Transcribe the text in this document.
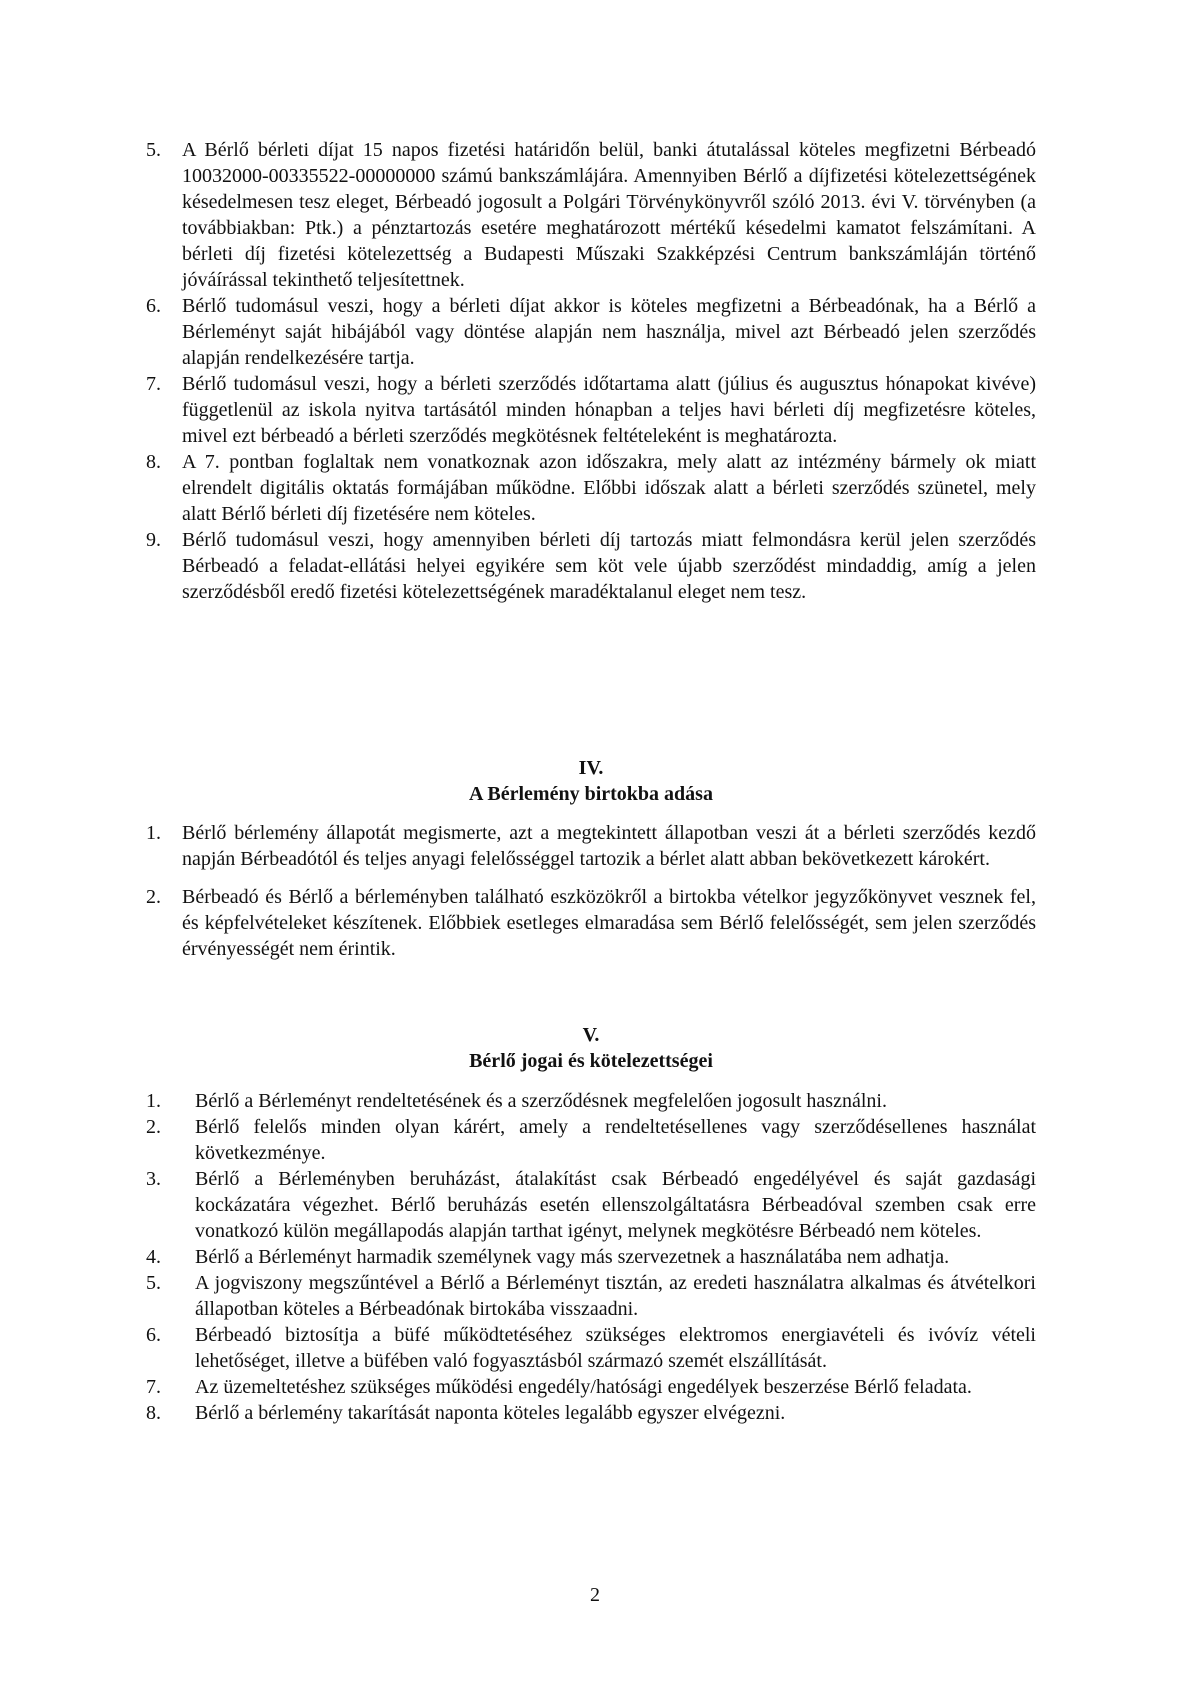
5. A Bérlő bérleti díjat 15 napos fizetési határidőn belül, banki átutalással köteles megfizetni Bérbeadó 10032000-00335522-00000000 számú bankszámlájára. Amennyiben Bérlő a díjfizetési kötelezettségének késedelmesen tesz eleget, Bérbeadó jogosult a Polgári Törvénykönyvről szóló 2013. évi V. törvényben (a továbbiakban: Ptk.) a pénztartozás esetére meghatározott mértékű késedelmi kamatot felszámítani. A bérleti díj fizetési kötelezettség a Budapesti Műszaki Szakképzési Centrum bankszámláján történő jóváírással tekinthető teljesítettnek.
6. Bérlő tudomásul veszi, hogy a bérleti díjat akkor is köteles megfizetni a Bérbeadónak, ha a Bérlő a Bérleményt saját hibájából vagy döntése alapján nem használja, mivel azt Bérbeadó jelen szerződés alapján rendelkezésére tartja.
7. Bérlő tudomásul veszi, hogy a bérleti szerződés időtartama alatt (július és augusztus hónapokat kivéve) függetlenül az iskola nyitva tartásától minden hónapban a teljes havi bérleti díj megfizetésre köteles, mivel ezt bérbeadó a bérleti szerződés megkötésnek feltételeként is meghatározta.
8. A 7. pontban foglaltak nem vonatkoznak azon időszakra, mely alatt az intézmény bármely ok miatt elrendelt digitális oktatás formájában működne. Előbbi időszak alatt a bérleti szerződés szünetel, mely alatt Bérlő bérleti díj fizetésére nem köteles.
9. Bérlő tudomásul veszi, hogy amennyiben bérleti díj tartozás miatt felmondásra kerül jelen szerződés Bérbeadó a feladat-ellátási helyei egyikére sem köt vele újabb szerződést mindaddig, amíg a jelen szerződésből eredő fizetési kötelezettségének maradéktalanul eleget nem tesz.
IV.
A Bérlemény birtokba adása
1. Bérlő bérlemény állapotát megismerte, azt a megtekintett állapotban veszi át a bérleti szerződés kezdő napján Bérbeadótól és teljes anyagi felelősséggel tartozik a bérlet alatt abban bekövetkezett károkért.
2. Bérbeadó és Bérlő a bérleményben található eszközökről a birtokba vételkor jegyzőkönyvet vesznek fel, és képfelvételeket készítenek. Előbbiek esetleges elmaradása sem Bérlő felelősségét, sem jelen szerződés érvényességét nem érintik.
V.
Bérlő jogai és kötelezettségei
1. Bérlő a Bérleményt rendeltetésének és a szerződésnek megfelelően jogosult használni.
2. Bérlő felelős minden olyan kárért, amely a rendeltetésellenes vagy szerződésellenes használat következménye.
3. Bérlő a Bérleményben beruházást, átalakítást csak Bérbeadó engedélyével és saját gazdasági kockázatára végezhet. Bérlő beruházás esetén ellenszolgáltatásra Bérbeadóval szemben csak erre vonatkozó külön megállapodás alapján tarthat igényt, melynek megkötésre Bérbeadó nem köteles.
4. Bérlő a Bérleményt harmadik személynek vagy más szervezetnek a használatába nem adhatja.
5. A jogviszony megszűntével a Bérlő a Bérleményt tisztán, az eredeti használatra alkalmas és átvételkori állapotban köteles a Bérbeadónak birtokába visszaadni.
6. Bérbeadó biztosítja a büfé működtetéséhez szükséges elektromos energiavételi és ivóvíz vételi lehetőséget, illetve a büfében való fogyasztásból származó szemét elszállítását.
7. Az üzemeltetéshez szükséges működési engedély/hatósági engedélyek beszerzése Bérlő feladata.
8. Bérlő a bérlemény takarítását naponta köteles legalább egyszer elvégezni.
2
